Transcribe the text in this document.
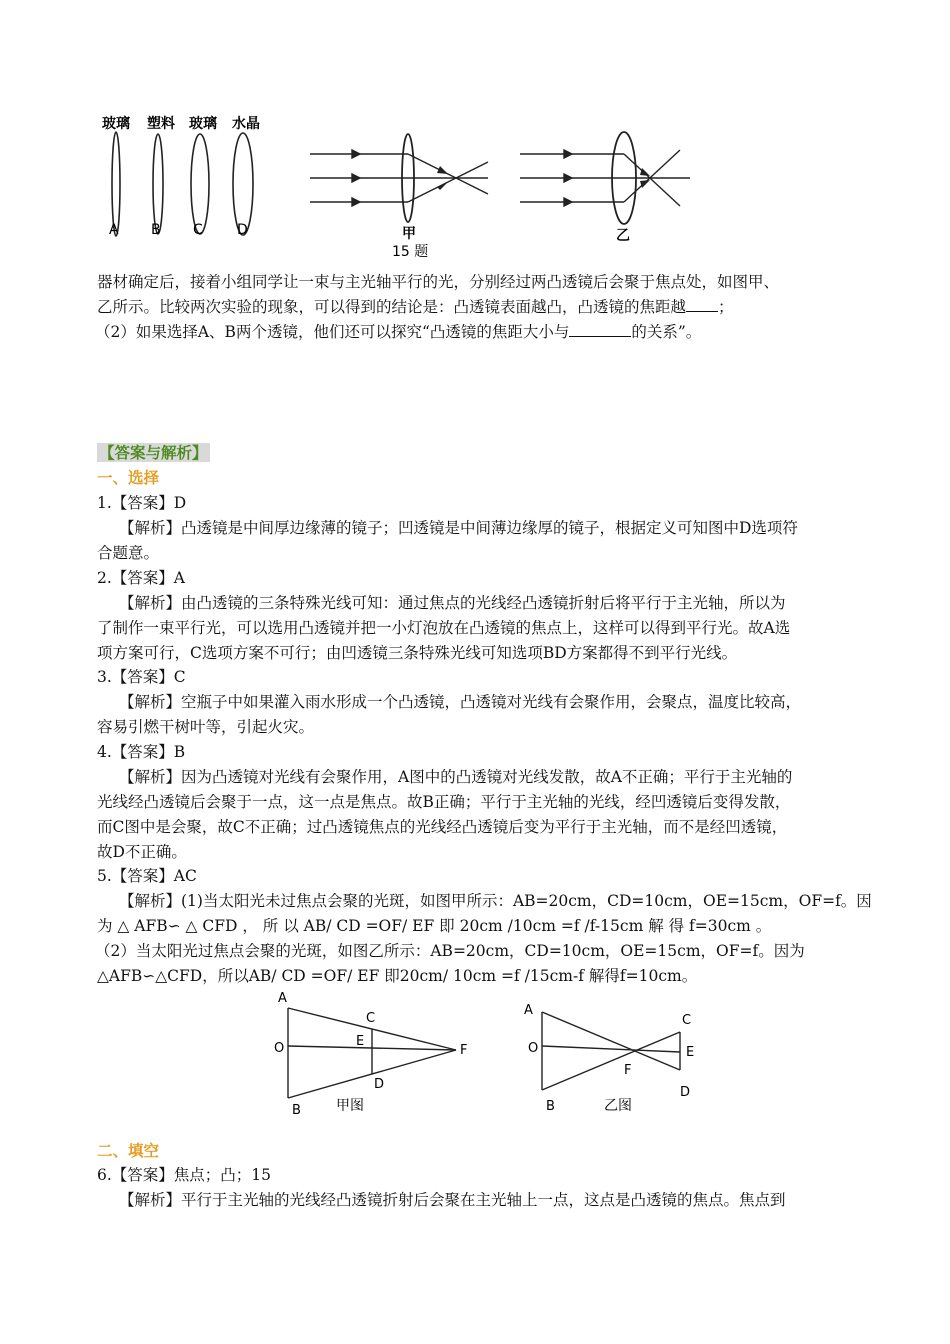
玻璃 塑料 玻璃 水晶
A B C D	甲
15 题
乙
器材确定后，接着小组同学让一束与主光轴平行的光，分别经过两凸透镜后会聚于焦点处，如图甲、
乙所示。比较两次实验的现象，可以得到的结论是：凸透镜表面越凸，凸透镜的焦距越 ；
（2）如果选择A、B两个透镜，他们还可以探究“凸透镜的焦距大小与	的关系”。
【答案与解析】
一、选择
1.【答案】D
【解析】凸透镜是中间厚边缘薄的镜子；凹透镜是中间薄边缘厚的镜子，根据定义可知图中D选项符
合题意。
2.【答案】A
【解析】由凸透镜的三条特殊光线可知：通过焦点的光线经凸透镜折射后将平行于主光轴，所以为
了制作一束平行光，可以选用凸透镜并把一小灯泡放在凸透镜的焦点上，这样可以得到平行光。故A选
项方案可行，C选项方案不可行；由凹透镜三条特殊光线可知选项BD方案都得不到平行光线。
3.【答案】C
【解析】空瓶子中如果灌入雨水形成一个凸透镜，凸透镜对光线有会聚作用，会聚点，温度比较高，
容易引燃干树叶等，引起火灾。
4.【答案】B
【解析】因为凸透镜对光线有会聚作用，A图中的凸透镜对光线发散，故A不正确；平行于主光轴的
光线经凸透镜后会聚于一点，这一点是焦点。故B正确；平行于主光轴的光线，经凹透镜后变得发散，
而C图中是会聚，故C不正确；过凸透镜焦点的光线经凸透镜后变为平行于主光轴，而不是经凹透镜，
故D不正确。
5.【答案】AC
【解析】(1)当太阳光未过焦点会聚的光斑，如图甲所示：AB=20cm，CD=10cm，OE=15cm，OF=f。因
为 △ AFB∽ △ CFD ， 所 以 AB/ CD =OF/ EF 即 20cm /10cm =f /f-15cm 解 得 f=30cm 。
（2）当太阳光过焦点会聚的光斑，如图乙所示：AB=20cm，CD=10cm，OE=15cm，OF=f。因为
△AFB∽△CFD，所以AB/ CD =OF/ EF 即20cm/ 10cm =f /15cm-f 解得f=10cm。
A
O
B
C
E
D
F
甲图
A
O
B
F
C
E
D
乙图
二、填空
6.【答案】焦点；凸；15
【解析】平行于主光轴的光线经凸透镜折射后会聚在主光轴上一点，这点是凸透镜的焦点。焦点到
